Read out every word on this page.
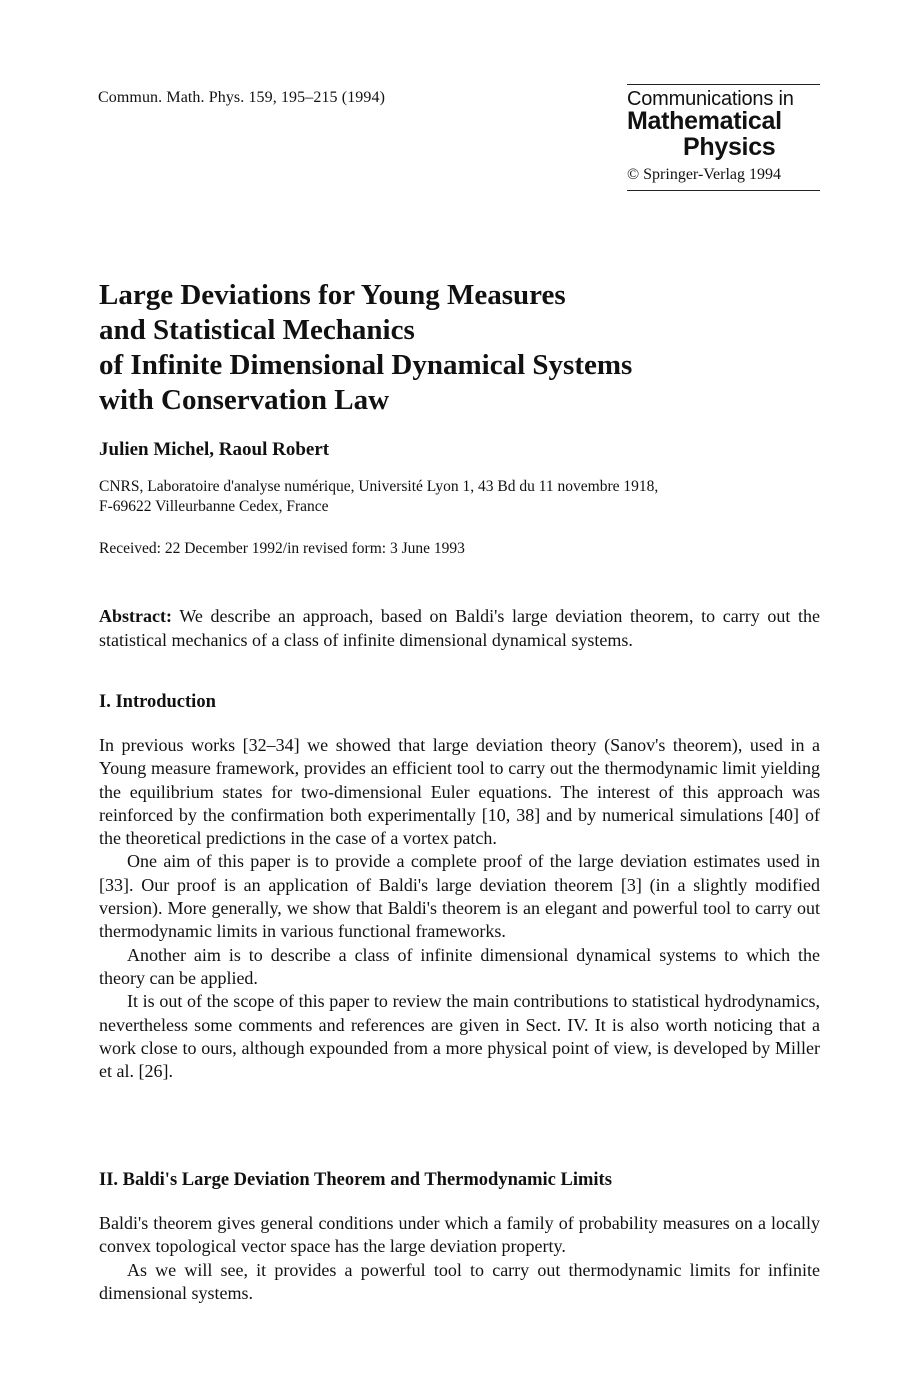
Commun. Math. Phys. 159, 195–215 (1994)	Communications in
Mathematical
Physics
© Springer-Verlag 1994
Large Deviations for Young Measures
and Statistical Mechanics
of Infinite Dimensional Dynamical Systems
with Conservation Law
Julien Michel, Raoul Robert
CNRS, Laboratoire d'analyse numérique, Université Lyon 1, 43 Bd du 11 novembre 1918,
F-69622 Villeurbanne Cedex, France
Received: 22 December 1992/in revised form: 3 June 1993
Abstract: We describe an approach, based on Baldi's large deviation theorem, to carry out the statistical mechanics of a class of infinite dimensional dynamical systems.
I. Introduction

In previous works [32–34] we showed that large deviation theory (Sanov's theorem), used in a Young measure framework, provides an efficient tool to carry out the thermodynamic limit yielding the equilibrium states for two-dimensional Euler equations. The interest of this approach was reinforced by the confirmation both experimentally [10, 38] and by numerical simulations [40] of the theoretical predictions in the case of a vortex patch.

One aim of this paper is to provide a complete proof of the large deviation estimates used in [33]. Our proof is an application of Baldi's large deviation theorem [3] (in a slightly modified version). More generally, we show that Baldi's theorem is an elegant and powerful tool to carry out thermodynamic limits in various functional frameworks.

Another aim is to describe a class of infinite dimensional dynamical systems to which the theory can be applied.

It is out of the scope of this paper to review the main contributions to statistical hydrodynamics, nevertheless some comments and references are given in Sect. IV. It is also worth noticing that a work close to ours, although expounded from a more physical point of view, is developed by Miller et al. [26].

II. Baldi's Large Deviation Theorem and Thermodynamic Limits

Baldi's theorem gives general conditions under which a family of probability measures on a locally convex topological vector space has the large deviation property.

As we will see, it provides a powerful tool to carry out thermodynamic limits for infinite dimensional systems.
